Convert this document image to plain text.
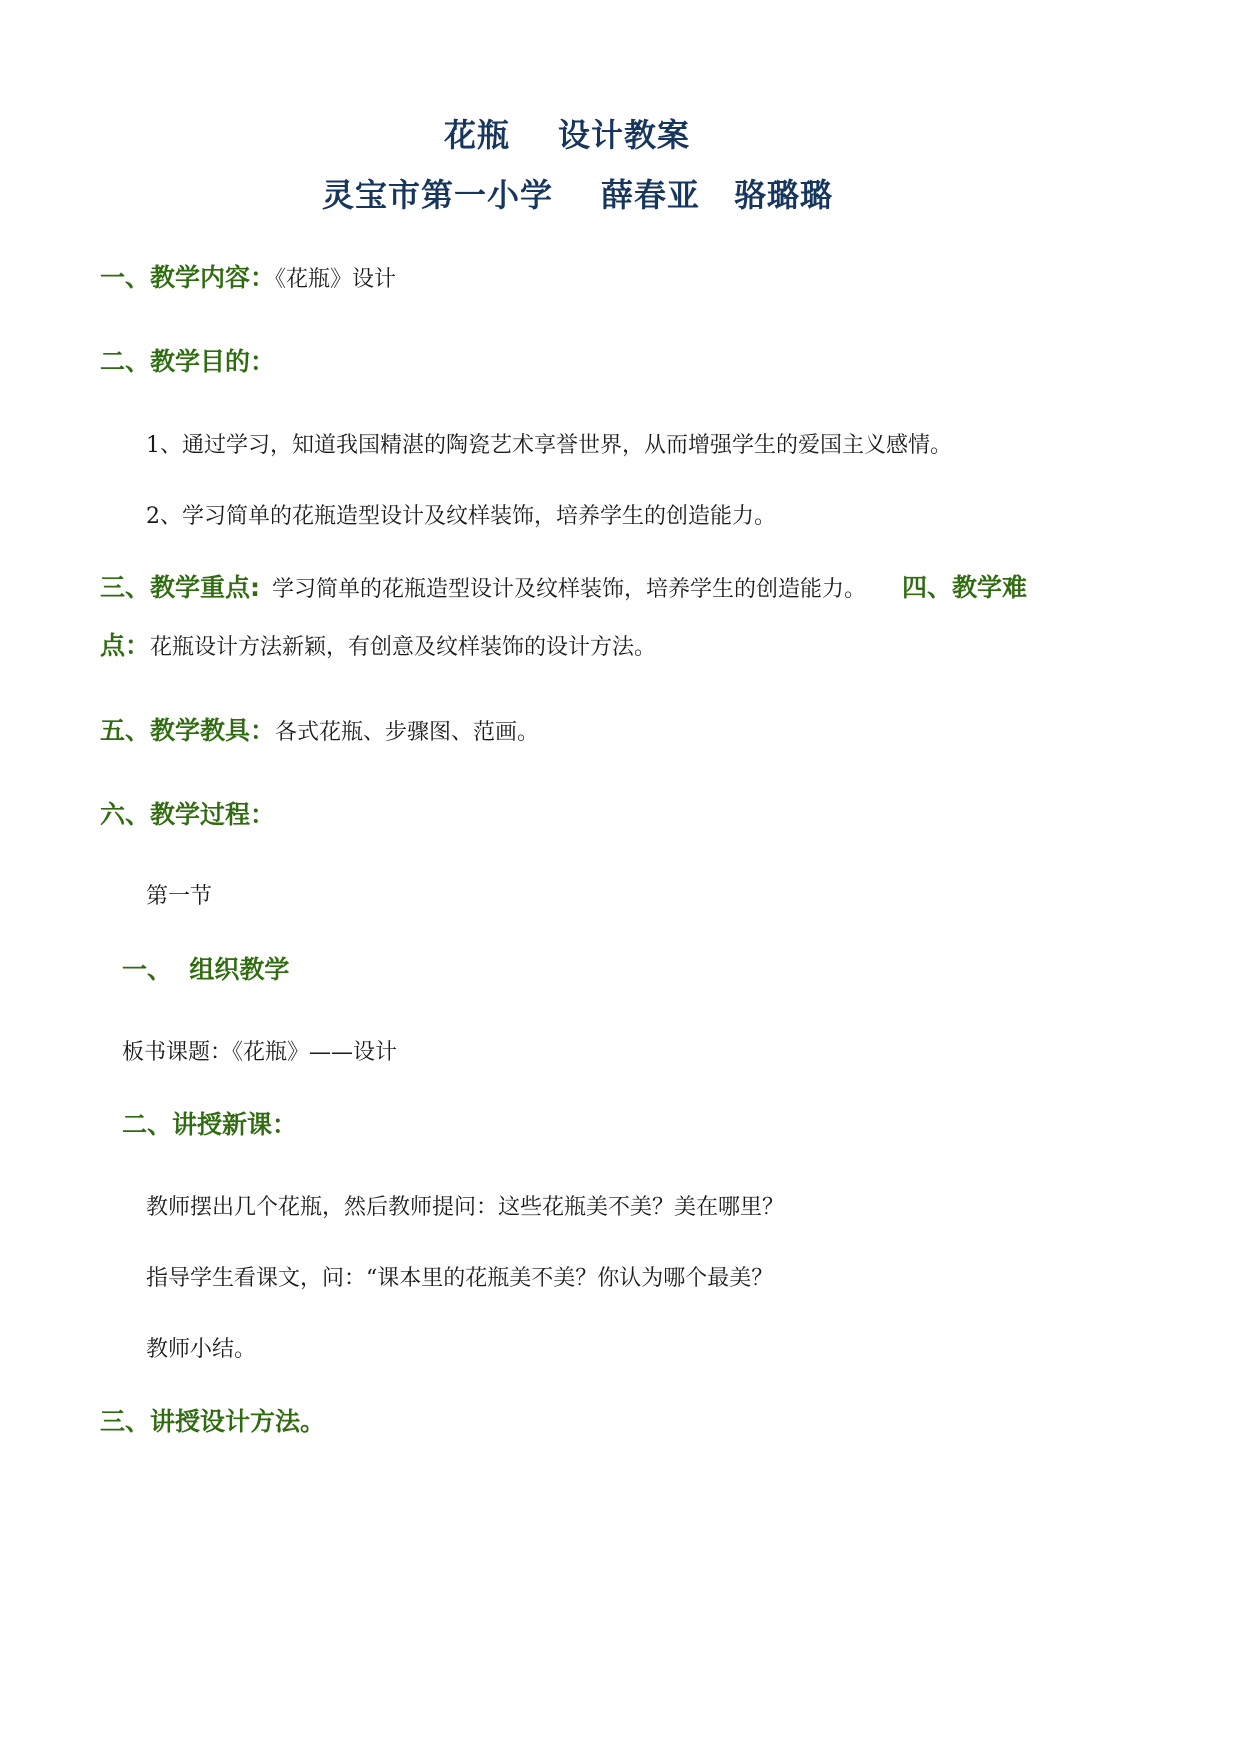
花瓶 设计教案
灵宝市第一小学 薛春亚 骆璐璐
一、教学内容：《花瓶》设计
二、教学目的：
1、通过学习，知道我国精湛的陶瓷艺术享誉世界，从而增强学生的爱国主义感情。
2、学习简单的花瓶造型设计及纹样装饰，培养学生的创造能力。
三、教学重点: 学习简单的花瓶造型设计及纹样装饰，培养学生的创造能力。 四、教学难
点：花瓶设计方法新颖，有创意及纹样装饰的设计方法。
五、教学教具：各式花瓶、步骤图、范画。
六、教学过程：
第一节
一、  组织教学
板书课题：《花瓶》——设计
二、讲授新课：
教师摆出几个花瓶，然后教师提问：这些花瓶美不美？美在哪里？
指导学生看课文，问：“课本里的花瓶美不美？你认为哪个最美？
教师小结。
三、讲授设计方法。
